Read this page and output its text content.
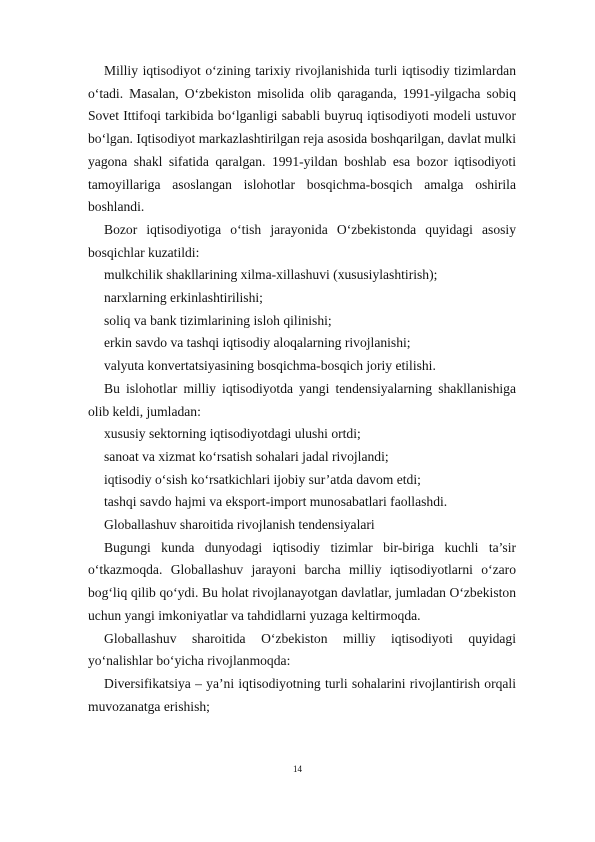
Milliy iqtisodiyot o‘zining tarixiy rivojlanishida turli iqtisodiy tizimlardan o‘tadi. Masalan, O‘zbekiston misolida olib qaraganda, 1991-yilgacha sobiq Sovet Ittifoqi tarkibida bo‘lganligi sababli buyruq iqtisodiyoti modeli ustuvor bo‘lgan. Iqtisodiyot markazlashtirilgan reja asosida boshqarilgan, davlat mulki yagona shakl sifatida qaralgan. 1991-yildan boshlab esa bozor iqtisodiyoti tamoyillariga asoslangan islohotlar bosqichma-bosqich amalga oshirila boshlandi.

Bozor iqtisodiyotiga o‘tish jarayonida O‘zbekistonda quyidagi asosiy bosqichlar kuzatildi:

mulkchilik shakllarining xilma-xillashuvi (xususiylashtirish);

narxlarning erkinlashtirilishi;

soliq va bank tizimlarining isloh qilinishi;

erkin savdo va tashqi iqtisodiy aloqalarning rivojlanishi;

valyuta konvertatsiyasining bosqichma-bosqich joriy etilishi.

Bu islohotlar milliy iqtisodiyotda yangi tendensiyalarning shakllanishiga olib keldi, jumladan:

xususiy sektorning iqtisodiyotdagi ulushi ortdi;

sanoat va xizmat ko‘rsatish sohalari jadal rivojlandi;

iqtisodiy o‘sish ko‘rsatkichlari ijobiy sur’atda davom etdi;

tashqi savdo hajmi va eksport-import munosabatlari faollashdi.

Globallashuv sharoitida rivojlanish tendensiyalari

Bugungi kunda dunyodagi iqtisodiy tizimlar bir-biriga kuchli ta’sir o‘tkazmoqda. Globallashuv jarayoni barcha milliy iqtisodiyotlarni o‘zaro bog‘liq qilib qo‘ydi. Bu holat rivojlanayotgan davlatlar, jumladan O‘zbekiston uchun yangi imkoniyatlar va tahdidlarni yuzaga keltirmoqda.

Globallashuv sharoitida O‘zbekiston milliy iqtisodiyoti quyidagi yo‘nalishlar bo‘yicha rivojlanmoqda:

Diversifikatsiya – ya’ni iqtisodiyotning turli sohalarini rivojlantirish orqali muvozanatga erishish;

14
